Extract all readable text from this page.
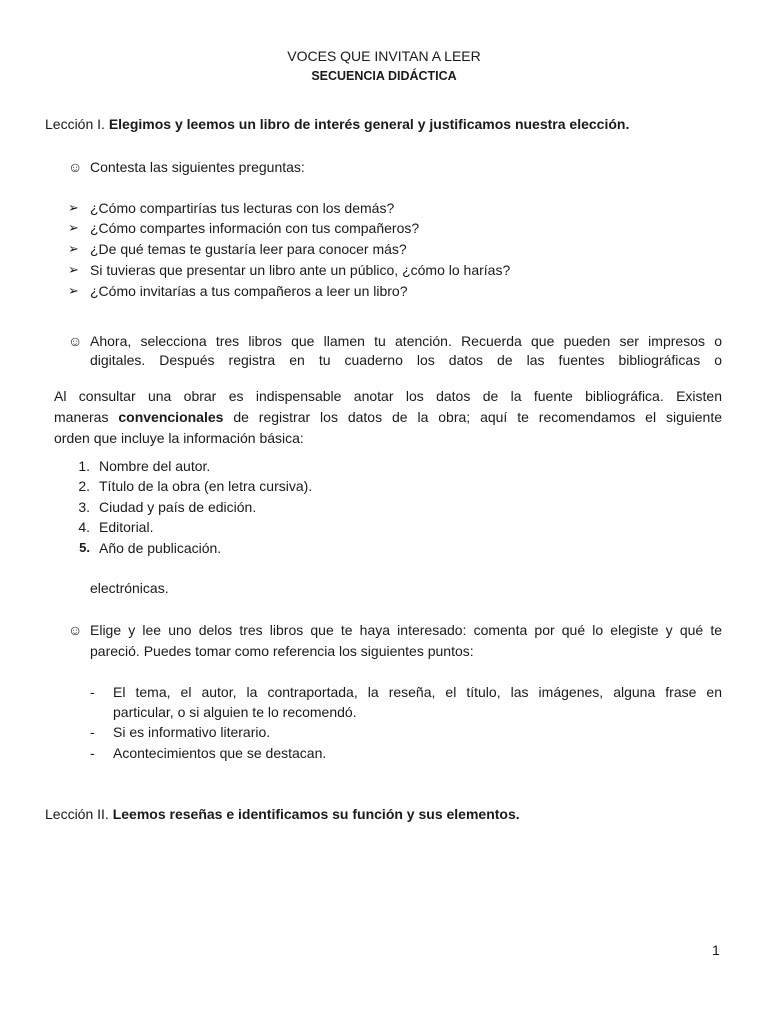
VOCES QUE INVITAN A LEER
SECUENCIA DIDÁCTICA
Lección I. Elegimos y leemos un libro de interés general y justificamos nuestra elección.
☺ Contesta las siguientes preguntas:
➢ ¿Cómo compartirías tus lecturas con los demás?
➢ ¿Cómo compartes información con tus compañeros?
➢ ¿De qué temas te gustaría leer para conocer más?
➢ Si tuvieras que presentar un libro ante un público, ¿cómo lo harías?
➢ ¿Cómo invitarías a tus compañeros a leer un libro?
☺ Ahora, selecciona tres libros que llamen tu atención. Recuerda que pueden ser impresos o
digitales. Después registra en tu cuaderno los datos de las fuentes bibliográficas o
Al consultar una obrar es indispensable anotar los datos de la fuente bibliográfica. Existen
maneras convencionales de registrar los datos de la obra; aquí te recomendamos el siguiente
orden que incluye la información básica:
1. Nombre del autor.
2. Título de la obra (en letra cursiva).
3. Ciudad y país de edición.
4. Editorial.
5. Año de publicación.
electrónicas.
☺ Elige y lee uno delos tres libros que te haya interesado: comenta por qué lo elegiste y qué te
pareció. Puedes tomar como referencia los siguientes puntos:
- El tema, el autor, la contraportada, la reseña, el título, las imágenes, alguna frase en
particular, o si alguien te lo recomendó.
- Si es informativo literario.
- Acontecimientos que se destacan.
Lección II. Leemos reseñas e identificamos su función y sus elementos.
1
